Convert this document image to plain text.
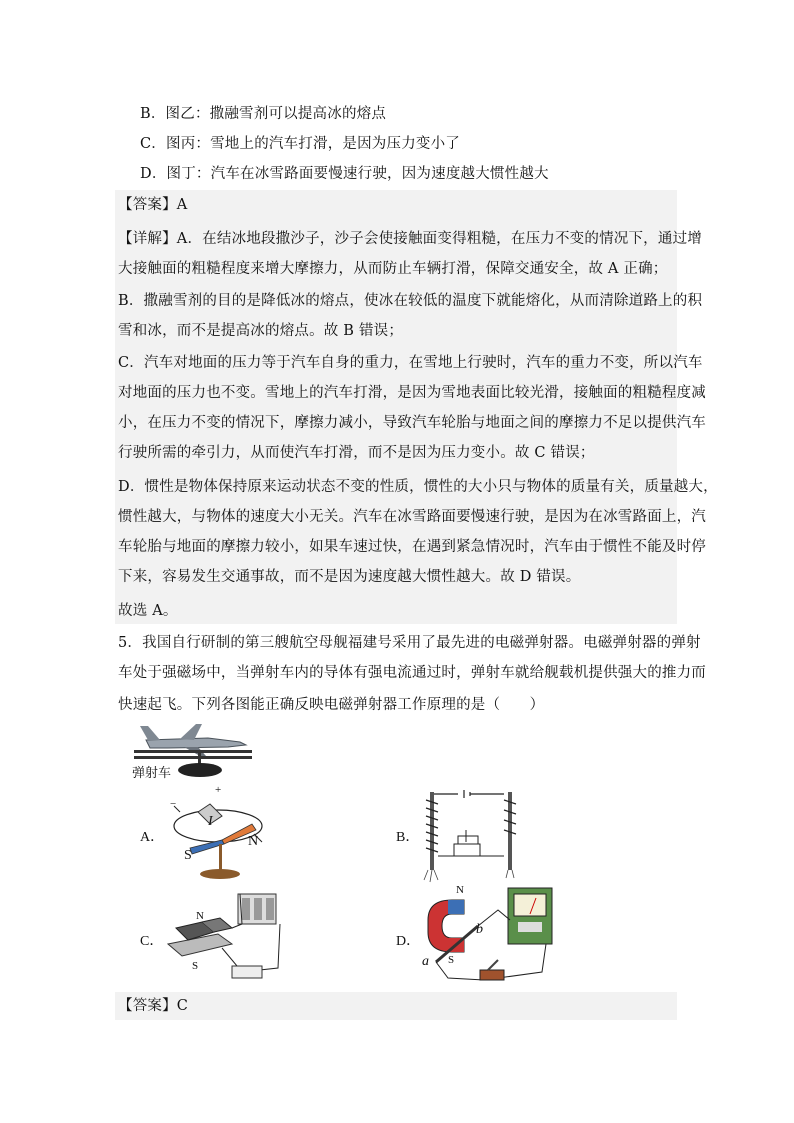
B．图乙：撒融雪剂可以提高冰的熔点
C．图丙：雪地上的汽车打滑，是因为压力变小了
D．图丁：汽车在冰雪路面要慢速行驶，因为速度越大惯性越大
【答案】A
【详解】A．在结冰地段撒沙子，沙子会使接触面变得粗糙，在压力不变的情况下，通过增
大接触面的粗糙程度来增大摩擦力，从而防止车辆打滑，保障交通安全，故 A 正确；
B．撒融雪剂的目的是降低冰的熔点，使冰在较低的温度下就能熔化，从而清除道路上的积
雪和冰，而不是提高冰的熔点。故 B 错误；
C．汽车对地面的压力等于汽车自身的重力，在雪地上行驶时，汽车的重力不变，所以汽车
对地面的压力也不变。雪地上的汽车打滑，是因为雪地表面比较光滑，接触面的粗糙程度减
小，在压力不变的情况下，摩擦力减小，导致汽车轮胎与地面之间的摩擦力不足以提供汽车
行驶所需的牵引力，从而使汽车打滑，而不是因为压力变小。故 C 错误；
D．惯性是物体保持原来运动状态不变的性质，惯性的大小只与物体的质量有关，质量越大，
惯性越大，与物体的速度大小无关。汽车在冰雪路面要慢速行驶，是因为在冰雪路面上，汽
车轮胎与地面的摩擦力较小，如果车速过快，在遇到紧急情况时，汽车由于惯性不能及时停
下来，容易发生交通事故，而不是因为速度越大惯性越大。故 D 错误。
故选 A。
5．我国自行研制的第三艘航空母舰福建号采用了最先进的电磁弹射器。电磁弹射器的弹射
车处于强磁场中，当弹射车内的导体有强电流通过时，弹射车就给舰载机提供强大的推力而
快速起飞。下列各图能正确反映电磁弹射器工作原理的是（　　）
弹射车
A．
+
−
I
N
S
B．
C．
N
S
D．
N
S
a
b
【答案】C
